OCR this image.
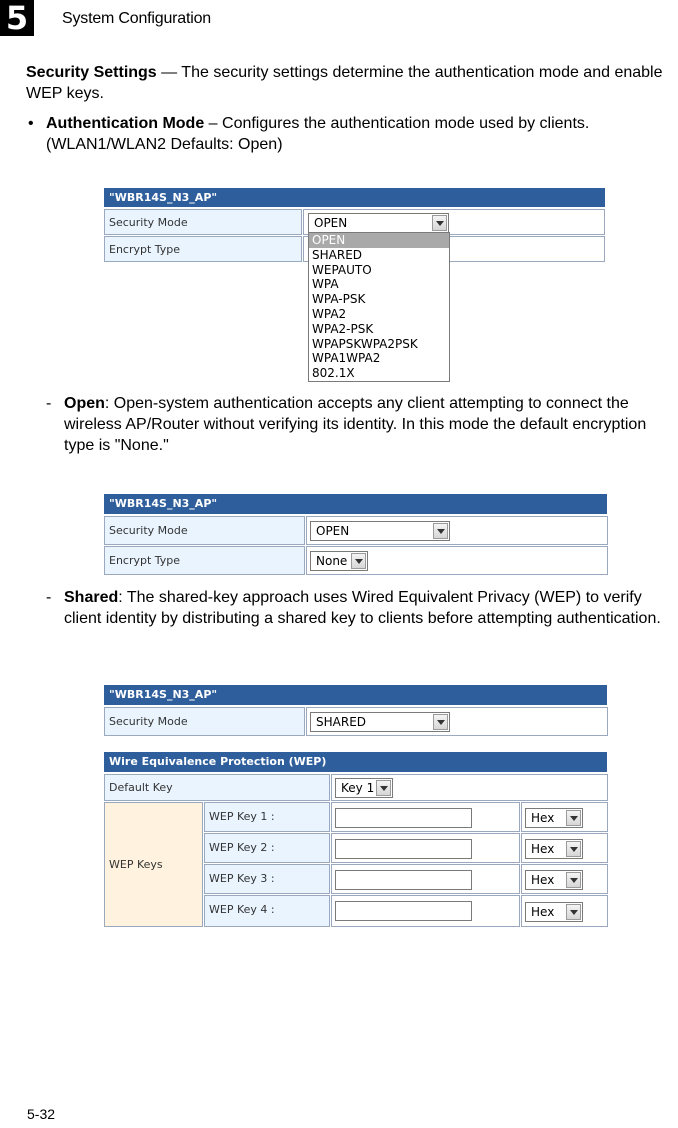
5	System Configuration
Security Settings — The security settings determine the authentication mode and enable WEP keys.
• Authentication Mode – Configures the authentication mode used by clients. (WLAN1/WLAN2 Defaults: Open)
"WBR14S_N3_AP"
Security Mode	OPEN
Encrypt Type
OPEN
SHARED
WEPAUTO
WPA
WPA-PSK
WPA2
WPA2-PSK
WPAPSKWPA2PSK
WPA1WPA2
802.1X
- Open: Open-system authentication accepts any client attempting to connect the wireless AP/Router without verifying its identity. In this mode the default encryption type is "None."
"WBR14S_N3_AP"
Security Mode	OPEN
Encrypt Type	None
- Shared: The shared-key approach uses Wired Equivalent Privacy (WEP) to verify client identity by distributing a shared key to clients before attempting authentication.
"WBR14S_N3_AP"
Security Mode	SHARED
Wire Equivalence Protection (WEP)
Default Key	Key 1
WEP Keys
WEP Key 1 :	Hex
WEP Key 2 :	Hex
WEP Key 3 :	Hex
WEP Key 4 :	Hex
5-32
